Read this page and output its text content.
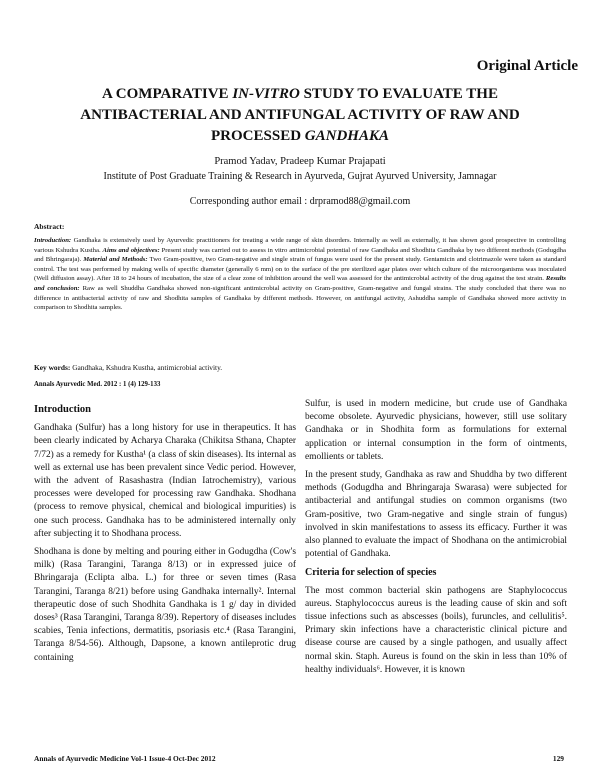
Original Article
A COMPARATIVE IN-VITRO STUDY TO EVALUATE THE
ANTIBACTERIAL AND ANTIFUNGAL ACTIVITY OF RAW AND
PROCESSED GANDHAKA
Pramod Yadav, Pradeep Kumar Prajapati
Institute of Post Graduate Training & Research in Ayurveda, Gujrat Ayurved University, Jamnagar
Corresponding author email : drpramod88@gmail.com
Abstract:
Introduction: Gandhaka is extensively used by Ayurvedic practitioners for treating a wide range of skin disorders. Internally as well as externally, it has shown good prospective in controlling various Kshudra Kustha. Aims and objectives: Present study was carried out to assess in vitro antimicrobial potential of raw Gandhaka and Shodhita Gandhaka by two different methods (Godugdha and Bhringaraja). Material and Methods: Two Gram-positive, two Gram-negative and single strain of fungus were used for the present study. Gentamicin and clotrimazole were taken as standard control. The test was performed by making wells of specific diameter (generally 6 mm) on to the surface of the pre sterilized agar plates over which culture of the microorganisms was inoculated (Well diffusion assay). After 18 to 24 hours of incubation, the size of a clear zone of inhibition around the well was assessed for the antimicrobial activity of the drug against the test strain. Results and conclusion: Raw as well Shuddha Gandhaka showed non-significant antimicrobial activity on Gram-positive, Gram-negative and fungal strains. The study concluded that there was no difference in antibacterial activity of raw and Shodhita samples of Gandhaka by different methods. However, on antifungal activity, Ashuddha sample of Gandhaka showed more activity in comparison to Shodhita samples.
Key words: Gandhaka, Kshudra Kustha, antimicrobial activity.
Annals Ayurvedic Med. 2012 : 1 (4) 129-133
Introduction

Gandhaka (Sulfur) has a long history for use in therapeutics. It has been clearly indicated by Acharya Charaka (Chikitsa Sthana, Chapter 7/72) as a remedy for Kustha¹ (a class of skin diseases). Its internal as well as external use has been prevalent since Vedic period. However, with the advent of Rasashastra (Indian Iatrochemistry), various processes were developed for processing raw Gandhaka. Shodhana (process to remove physical, chemical and biological impurities) is one such process. Gandhaka has to be administered internally only after subjecting it to Shodhana process.

Shodhana is done by melting and pouring either in Godugdha (Cow's milk) (Rasa Tarangini, Taranga 8/13) or in expressed juice of Bhringaraja (Eclipta alba. L.) for three or seven times (Rasa Tarangini, Taranga 8/21) before using Gandhaka internally². Internal therapeutic dose of such Shodhita Gandhaka is 1 g/ day in divided doses³ (Rasa Tarangini, Taranga 8/39). Repertory of diseases includes scabies, Tenia infections, dermatitis, psoriasis etc.⁴ (Rasa Tarangini, Taranga 8/54-56). Although, Dapsone, a known antileprotic drug containing

Sulfur, is used in modern medicine, but crude use of Gandhaka become obsolete. Ayurvedic physicians, however, still use solitary Gandhaka or in Shodhita form as formulations for external application or internal consumption in the form of ointments, emollients or tablets.

In the present study, Gandhaka as raw and Shuddha by two different methods (Godugdha and Bhringaraja Swarasa) were subjected for antibacterial and antifungal studies on common organisms (two Gram-positive, two Gram-negative and single strain of fungus) involved in skin manifestations to assess its efficacy. Further it was also planned to evaluate the impact of Shodhana on the antimicrobial potential of Gandhaka.

Criteria for selection of species

The most common bacterial skin pathogens are Staphylococcus aureus. Staphylococcus aureus is the leading cause of skin and soft tissue infections such as abscesses (boils), furuncles, and cellulitis⁵. Primary skin infections have a characteristic clinical picture and disease course are caused by a single pathogen, and usually affect normal skin. Staph. Aureus is found on the skin in less than 10% of healthy individuals⁶. However, it is known

Annals of Ayurvedic Medicine Vol-1 Issue-4 Oct-Dec 2012	129
